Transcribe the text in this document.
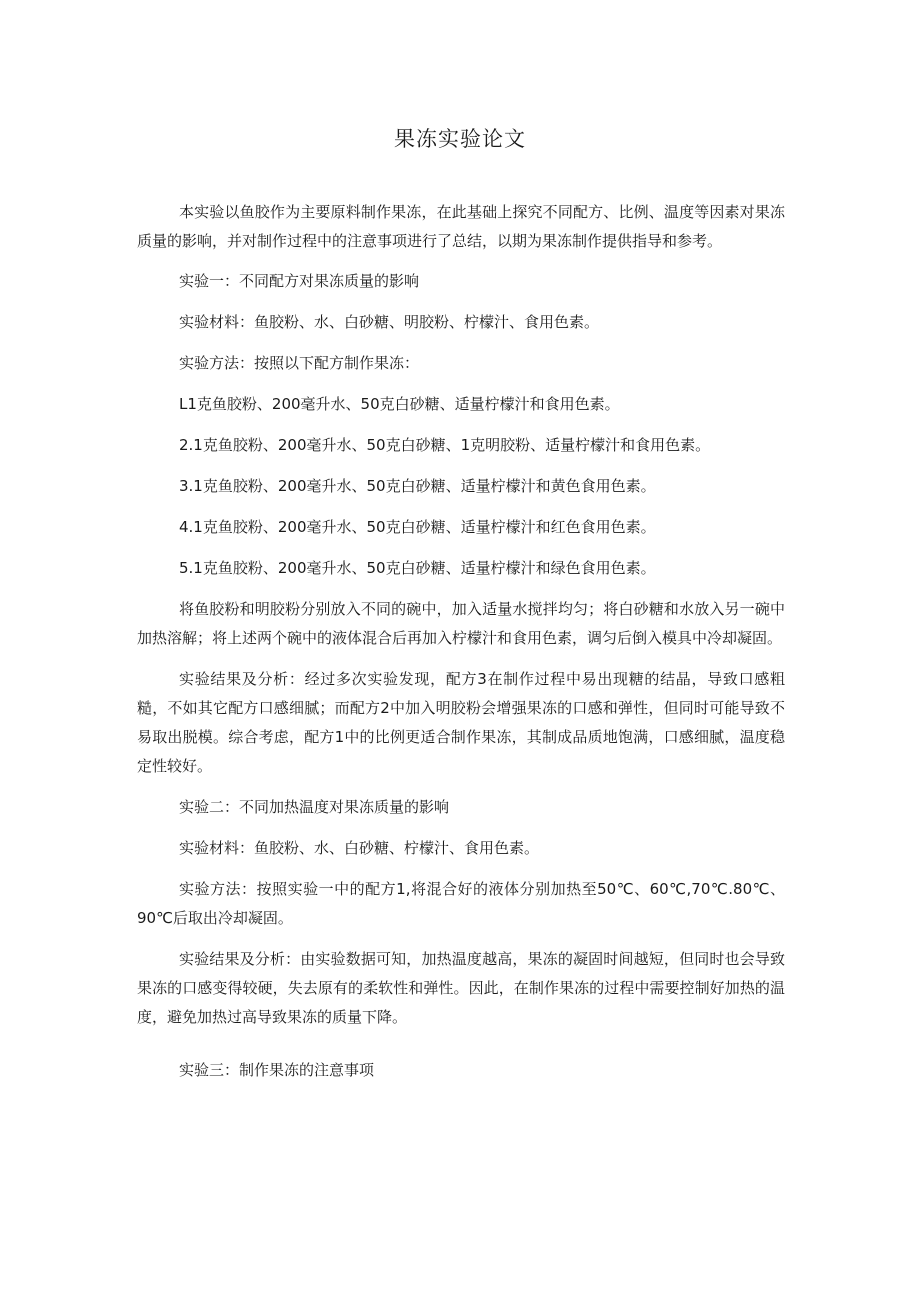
果冻实验论文

本实验以鱼胶作为主要原料制作果冻，在此基础上探究不同配方、比例、温度等因素对果冻质量的影响，并对制作过程中的注意事项进行了总结，以期为果冻制作提供指导和参考。

实验一：不同配方对果冻质量的影响

实验材料：鱼胶粉、水、白砂糖、明胶粉、柠檬汁、食用色素。

实验方法：按照以下配方制作果冻：

L1克鱼胶粉、200毫升水、50克白砂糖、适量柠檬汁和食用色素。

2.1克鱼胶粉、200毫升水、50克白砂糖、1克明胶粉、适量柠檬汁和食用色素。

3.1克鱼胶粉、200毫升水、50克白砂糖、适量柠檬汁和黄色食用色素。

4.1克鱼胶粉、200毫升水、50克白砂糖、适量柠檬汁和红色食用色素。

5.1克鱼胶粉、200毫升水、50克白砂糖、适量柠檬汁和绿色食用色素。

将鱼胶粉和明胶粉分别放入不同的碗中，加入适量水搅拌均匀；将白砂糖和水放入另一碗中加热溶解；将上述两个碗中的液体混合后再加入柠檬汁和食用色素，调匀后倒入模具中冷却凝固。

实验结果及分析：经过多次实验发现，配方3在制作过程中易出现糖的结晶，导致口感粗糙，不如其它配方口感细腻；而配方2中加入明胶粉会增强果冻的口感和弹性，但同时可能导致不易取出脱模。综合考虑，配方1中的比例更适合制作果冻，其制成品质地饱满，口感细腻，温度稳定性较好。

实验二：不同加热温度对果冻质量的影响

实验材料：鱼胶粉、水、白砂糖、柠檬汁、食用色素。

实验方法：按照实验一中的配方1,将混合好的液体分别加热至50℃、60℃,70℃.80℃、90℃后取出冷却凝固。

实验结果及分析：由实验数据可知，加热温度越高，果冻的凝固时间越短，但同时也会导致果冻的口感变得较硬，失去原有的柔软性和弹性。因此，在制作果冻的过程中需要控制好加热的温度，避免加热过高导致果冻的质量下降。

实验三：制作果冻的注意事项
